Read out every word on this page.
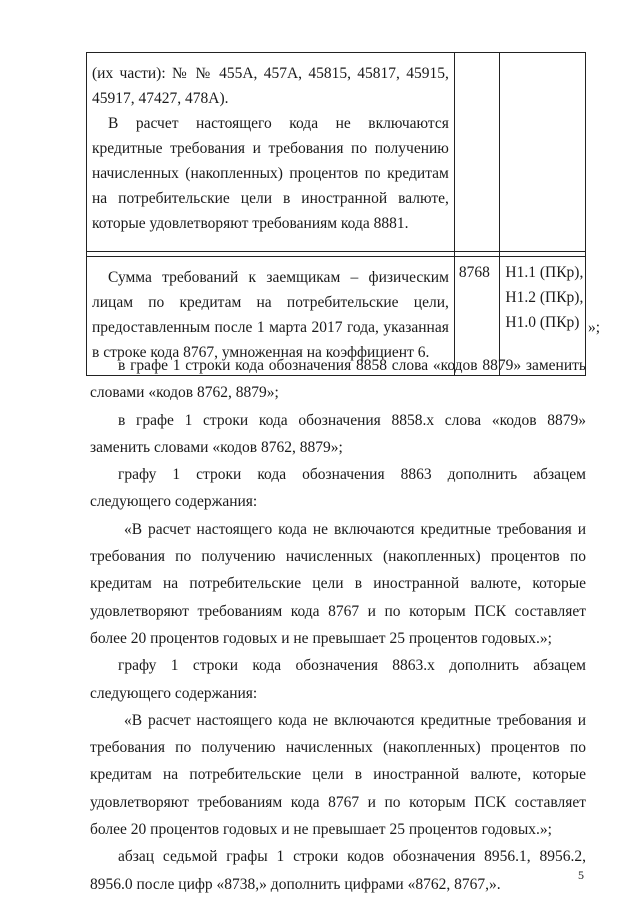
(их части): № № 455А, 457А, 45815, 45817, 45915,

45917, 47427, 478А).

В расчет настоящего кода не включаются кредитные требования и требования по получению начисленных (накопленных) процентов по кредитам на потребительские цели в иностранной валюте, которые удовлетворяют требованиям кода 8881.		

Сумма требований к заемщикам – физическим лицам по кредитам на потребительские цели, предоставленным после 1 марта 2017 года, указанная в строке кода 8767, умноженная на коэффициент 6.	8768	Н1.1 (ПКр),
Н1.2 (ПКр),
Н1.0 (ПКр) »;

в графе 1 строки кода обозначения 8858 слова «кодов 8879» заменить словами «кодов 8762, 8879»;

в графе 1 строки кода обозначения 8858.х слова «кодов 8879» заменить словами «кодов 8762, 8879»;

графу 1 строки кода обозначения 8863 дополнить абзацем следующего содержания:

«В расчет настоящего кода не включаются кредитные требования и требования по получению начисленных (накопленных) процентов по кредитам на потребительские цели в иностранной валюте, которые удовлетворяют требованиям кода 8767 и по которым ПСК составляет более 20 процентов годовых и не превышает 25 процентов годовых.»;

графу 1 строки кода обозначения 8863.х дополнить абзацем следующего содержания:

«В расчет настоящего кода не включаются кредитные требования и требования по получению начисленных (накопленных) процентов по кредитам на потребительские цели в иностранной валюте, которые удовлетворяют требованиям кода 8767 и по которым ПСК составляет более 20 процентов годовых и не превышает 25 процентов годовых.»;

абзац седьмой графы 1 строки кодов обозначения 8956.1, 8956.2, 8956.0 после цифр «8738,» дополнить цифрами «8762, 8767,».

5
